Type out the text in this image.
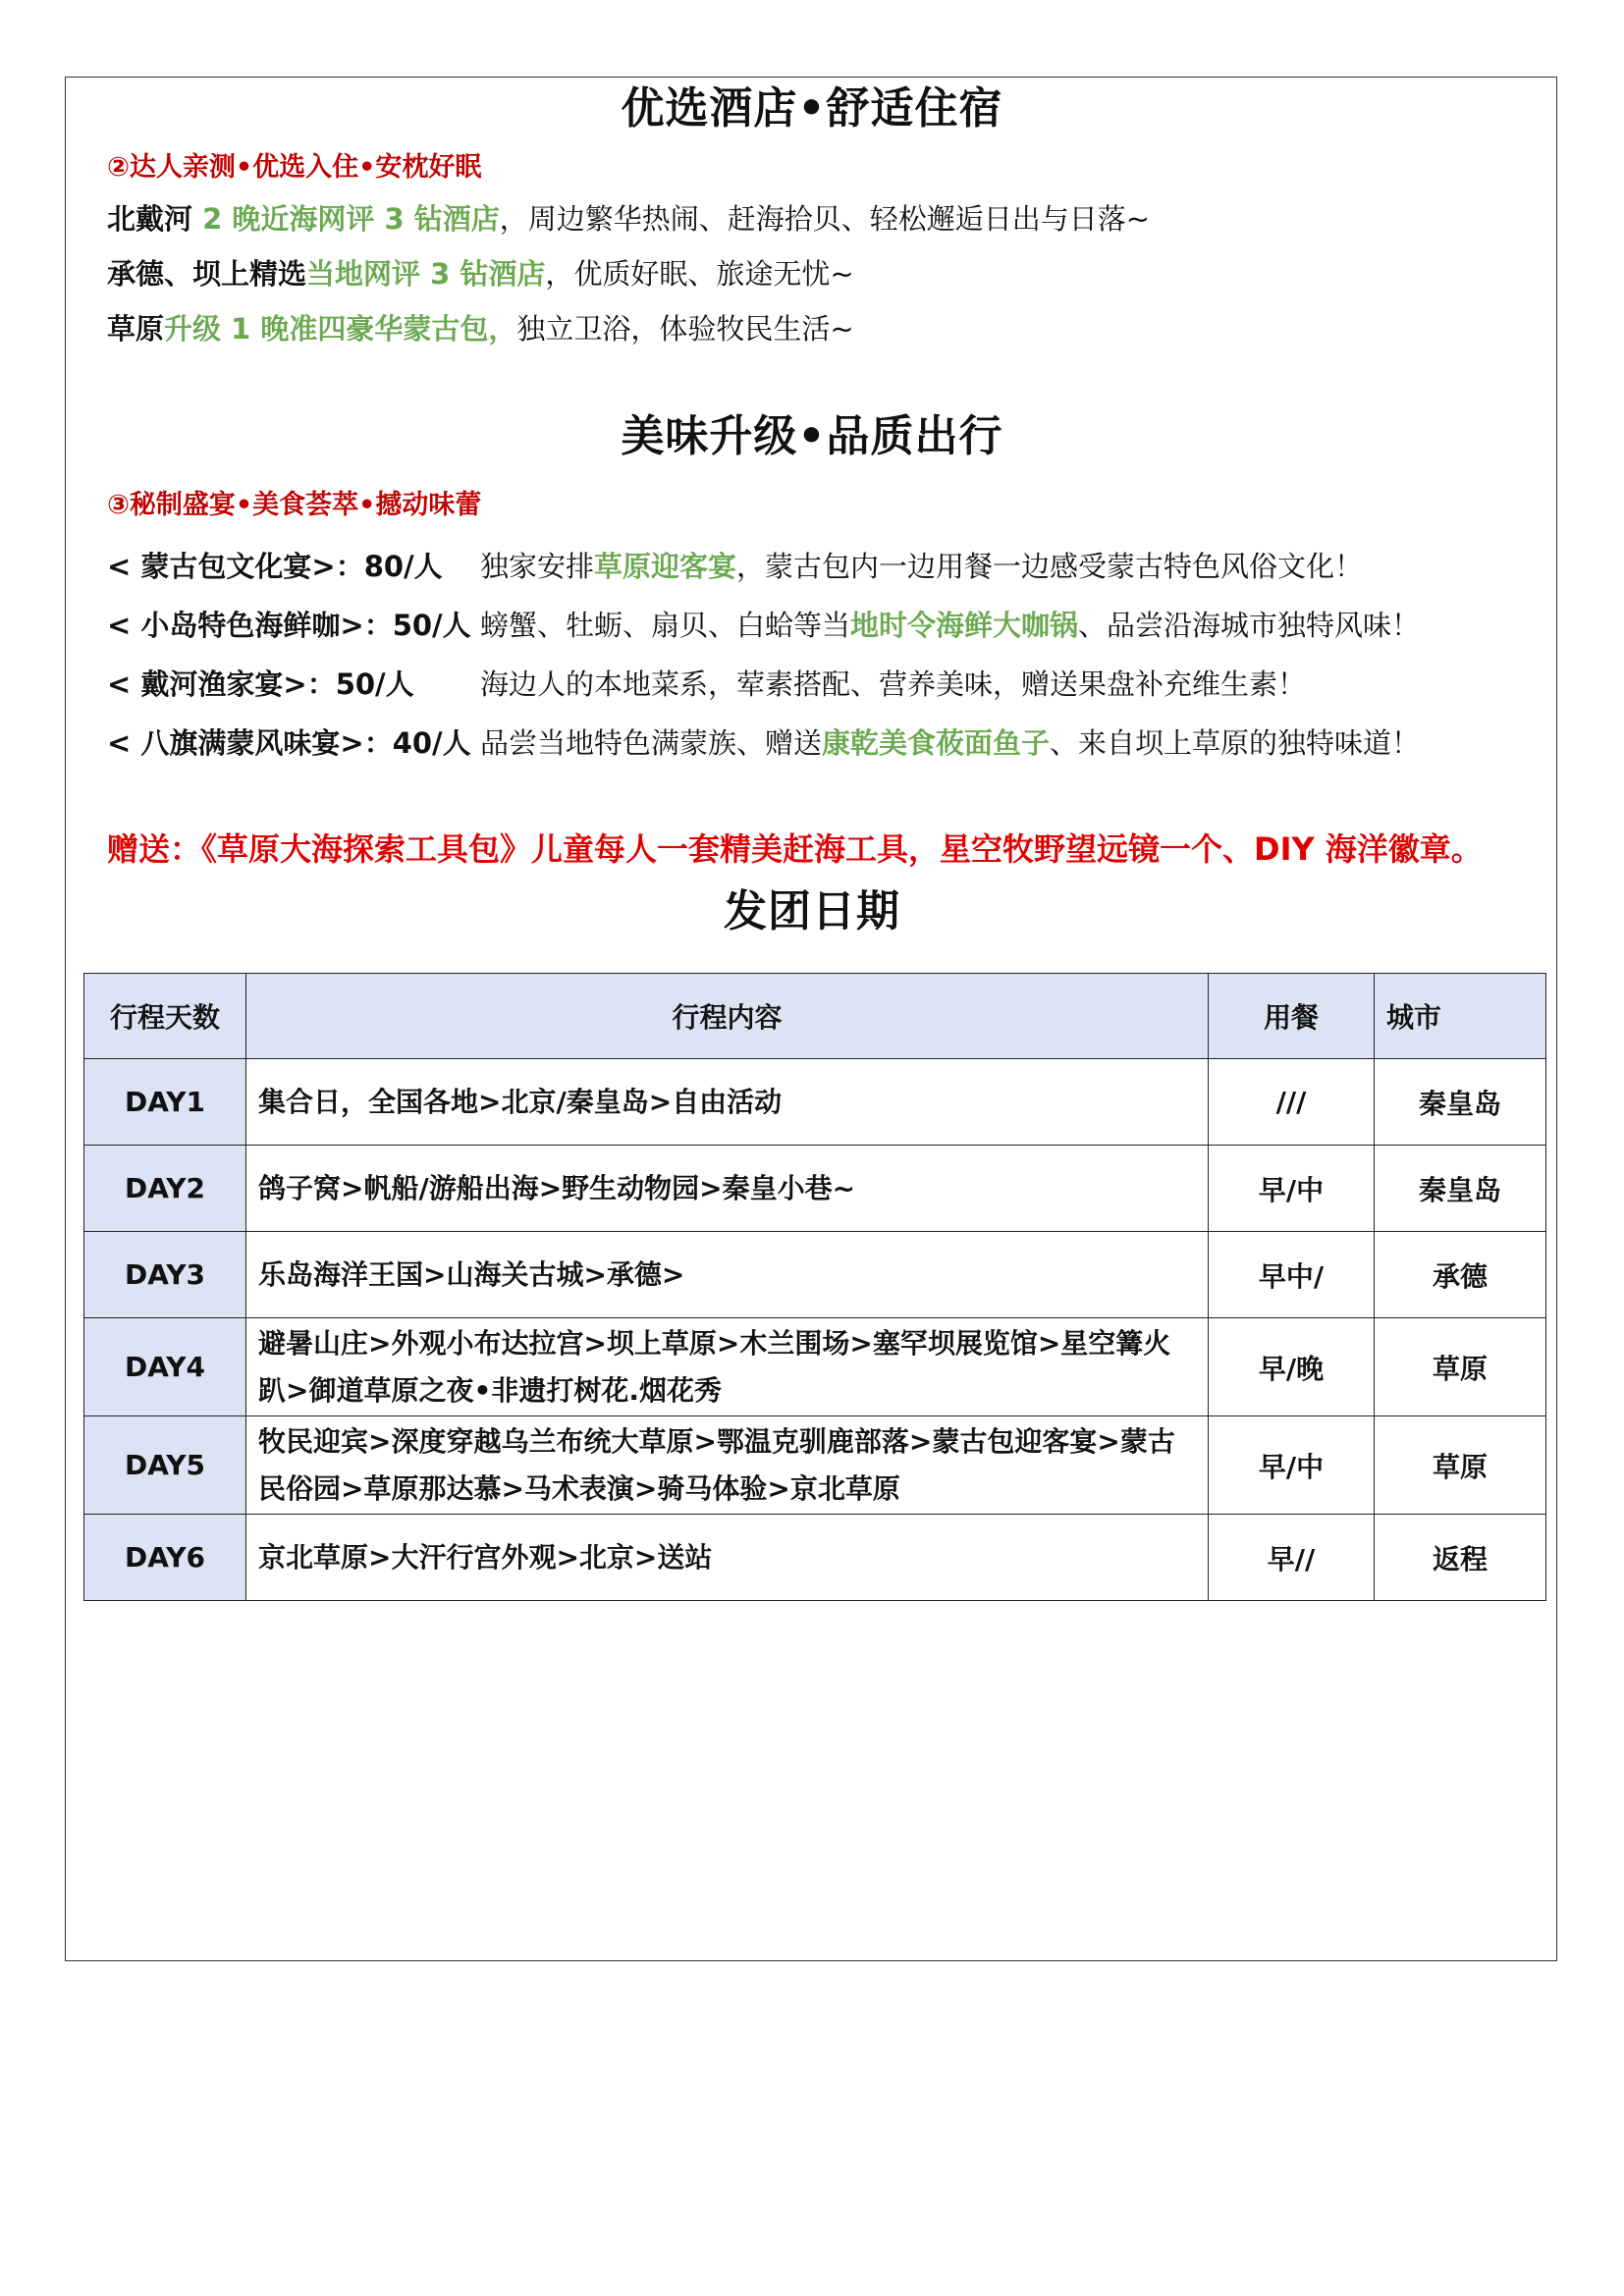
优选酒店•舒适住宿
②达人亲测•优选入住•安枕好眠
北戴河 2 晚近海网评 3 钻酒店，周边繁华热闹、赶海拾贝、轻松邂逅日出与日落~
承德、坝上精选当地网评 3 钻酒店，优质好眠、旅途无忧~
草原升级 1 晚准四豪华蒙古包，独立卫浴，体验牧民生活~
美味升级•品质出行
③秘制盛宴•美食荟萃•撼动味蕾
< 蒙古包文化宴>：80/人 独家安排草原迎客宴，蒙古包内一边用餐一边感受蒙古特色风俗文化！
< 小岛特色海鲜咖>：50/人 螃蟹、牡蛎、扇贝、白蛤等当地时令海鲜大咖锅、品尝沿海城市独特风味！
< 戴河渔家宴>：50/人 海边人的本地菜系，荤素搭配、营养美味，赠送果盘补充维生素！
< 八旗满蒙风味宴>：40/人 品尝当地特色满蒙族、赠送康乾美食莜面鱼子、来自坝上草原的独特味道！
赠送：《草原大海探索工具包》儿童每人一套精美赶海工具，星空牧野望远镜一个、DIY 海洋徽章。
发团日期
行程天数	行程内容	用餐	城市
DAY1	集合日，全国各地>北京/秦皇岛>自由活动	///	秦皇岛
DAY2	鸽子窝>帆船/游船出海>野生动物园>秦皇小巷~	早/中	秦皇岛
DAY3	乐岛海洋王国>山海关古城>承德>	早中/	承德
DAY4	避暑山庄>外观小布达拉宫>坝上草原>木兰围场>塞罕坝展览馆>星空篝火趴>御道草原之夜•非遗打树花.烟花秀	早/晚	草原
DAY5	牧民迎宾>深度穿越乌兰布统大草原>鄂温克驯鹿部落>蒙古包迎客宴>蒙古民俗园>草原那达慕>马术表演>骑马体验>京北草原	早/中	草原
DAY6	京北草原>大汗行宫外观>北京>送站	早//	返程
